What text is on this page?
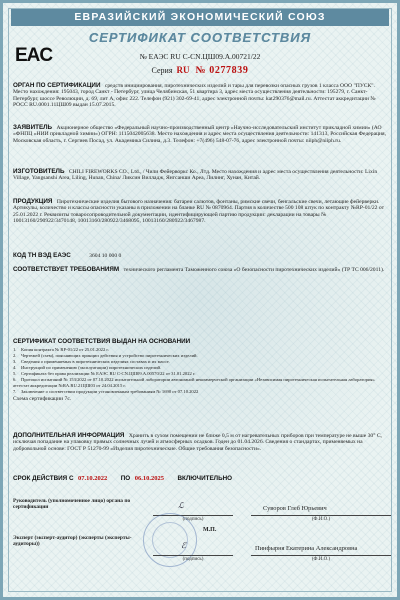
ЕВРАЗИЙСКИЙ ЭКОНОМИЧЕСКИЙ СОЮЗ
СЕРТИФИКАТ СООТВЕТСТВИЯ
EAC	№ ЕАЭС RU C-CN.ЦШ09.А.00721/22
Серия RU № 0277839
ОРГАН ПО СЕРТИФИКАЦИИ средств инициирования, пиротехнических изделий и тары для перевозки опасных грузов 1 класса ООО "ПУСК". Место нахождения: 195043, город Санкт - Петербург, улица Челябинская, 51 квартира 3, адрес места осуществления деятельности: 195279, г. Санкт-Петербург, шоссе Революции, д. 69, лит А, офис 222. Телефон (921) 302-69-41, адрес электронной почты: kat290376@mail.ru. Аттестат аккредитации № РОСС RU.0001.11ЦШ09 выдан 15.07.2015.
ЗАЯВИТЕЛЬ Акционерное общество «Федеральный научно-производственный центр «Научно-исследовательский институт прикладной химии» (АО «ФНПЦ «НИИ прикладной химии») ОГРН: 1115042005638. Место нахождения и адрес места осуществления деятельности: 141313, Российская Федерация, Московская область, г. Сергиев Посад, ул. Академика Силина, д.3. Телефон: +7(496) 548-07-76, адрес электронной почты: niiph@niiph.ru.
ИЗГОТОВИТЕЛЬ CHILI FIREWORKS CO., Ltd., / Чили Фейерворкс Ко., Лтд. Место нахождения и адрес места осуществления деятельности: Lixin Village, Yangsanshi Area, Liling, Hunan, China/ Ликсин Вилладж, Янгсанши Ареа, Лилинг, Хунан, Китай.
ПРОДУКЦИЯ Пиротехнические изделия бытового назначения: батареи салютов, фонтаны, римские свечи, бенгальские свечи, летающие фейерверки. Артикулы, количество и классы опасности указаны в приложении на бланке RU № 0870964. Партия в количестве 500 108 штук по контракту №RP-01/22 от 25.01.2022 г. Реквизиты товаросопроводительной документации, идентифицирующей партию продукции: декларации на товары № 10013160/290922/3470148, 10013160/280922/3468095, 10013160/280922/3467987.
КОД ТН ВЭД ЕАЭС	3604 10 000 0
СООТВЕТСТВУЕТ ТРЕБОВАНИЯМ технического регламента Таможенного союза «О безопасности пиротехнических изделий» (ТР ТС 006/2011).
СЕРТИФИКАТ СООТВЕТСТВИЯ ВЫДАН НА ОСНОВАНИИ
1. Копия контракта № RP-01/22 от 25.01.2022 г.
2. Чертежей (схем), поясняющих принцип действия и устройство пиротехнических изделий.
3. Сведения о применяемых в пиротехнических изделиях составах и их массе.
4. Инструкций по применению (эксплуатации) пиротехнических изделий.
5. Сертификата без права реализации № ЕАЭС RU C-CN.ЦШ09.А.00570/22 от 31.01.2022 г.
6. Протокол испытаний № 153/2022 от 07.10.2022 испытательной лаборатории автономной некоммерческой организации «Независимая пиротехническая испытательная лаборатория» аттестат аккредитации №RA.RU.21ЦШ03 от 24.04.2015 г.
7. Заключение о соответствии продукции установленным требованиям № 1690 от 07.10.2022
Схема сертификации 7с.
ДОПОЛНИТЕЛЬНАЯ ИНФОРМАЦИЯ Хранить в сухом помещении не ближе 0,5 м от нагревательных приборов при температуре не выше 30° С, исключая попадание на упаковку прямых солнечных лучей и атмосферных осадков. Годен до 01.04.2026. Сведения о стандартах, применяемых на добровольной основе: ГОСТ Р 51270-99 «Изделия пиротехнические. Общие требования безопасности».
СРОК ДЕЙСТВИЯ С 07.10.2022 ПО 06.10.2025 ВКЛЮЧИТЕЛЬНО
Руководитель (уполномоченное лицо) органа по сертификации
(подпись)
ℒ	Суворов Глеб Юрьевич
(Ф.И.О.)
М.П.
Эксперт (эксперт-аудитор) (эксперты (эксперты-аудиторы))
(подпись)
ℰ	Пинфырня Екатерина Александровна
(Ф.И.О.)
